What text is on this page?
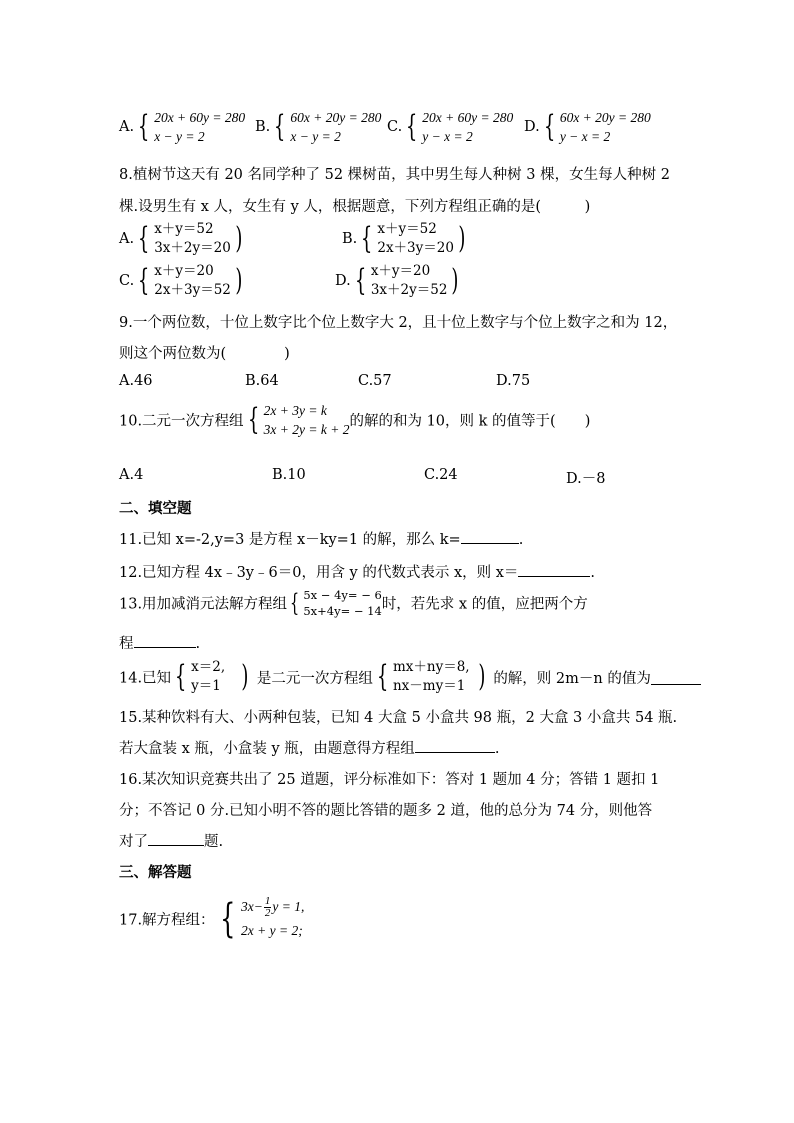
A. { 20x + 60y = 280
x − y = 2
B. { 60x + 20y = 280
x − y = 2
C. { 20x + 60y = 280
y − x = 2
D. { 60x + 20y = 280
y − x = 2
8.植树节这天有 20 名同学种了 52 棵树苗，其中男生每人种树 3 棵，女生每人种树 2
棵.设男生有 x 人，女生有 y 人，根据题意，下列方程组正确的是(　　　)
A. { x＋y＝52
3x＋2y＝20 )	B. { x＋y＝52
2x＋3y＝20 )
C. { x＋y＝20
2x＋3y＝52 )	D. { x＋y＝20
3x＋2y＝52 )
9.一个两位数，十位上数字比个位上数字大 2，且十位上数字与个位上数字之和为 12，
则这个两位数为(　　　　)
A.46	B.64	C.57	D.75
10.二元一次方程组 { 2x + 3y = k
3x + 2y = k + 2 的解的和为 10，则 k 的值等于(　　)
A.4	B.10	C.24	D.－8
二、填空题
11.已知 x=-2,y=3 是方程 x－ky=1 的解，那么 k=	.
12.已知方程 4x﹣3y﹣6＝0，用含 y 的代数式表示 x，则 x＝	.
13.用加减消元法解方程组 { 5x − 4y= − 6
5x+4y= − 14 时，若先求 x 的值，应把两个方
程	.
14.已知 { x＝2,
y＝1 ) 是二元一次方程组 { mx＋ny＝8,
nx－my＝1 ) 的解，则 2m－n 的值为
15.某种饮料有大、小两种包装，已知 4 大盒 5 小盒共 98 瓶，2 大盒 3 小盒共 54 瓶.
若大盒装 x 瓶，小盒装 y 瓶，由题意得方程组	.
16.某次知识竞赛共出了 25 道题，评分标准如下：答对 1 题加 4 分；答错 1 题扣 1
分；不答记 0 分.已知小明不答的题比答错的题多 2 道，他的总分为 74 分，则他答
对了	题.
三、解答题
17.解方程组： { $3x- \frac{1}{2}$ y = 1,
2x + y = 2;
